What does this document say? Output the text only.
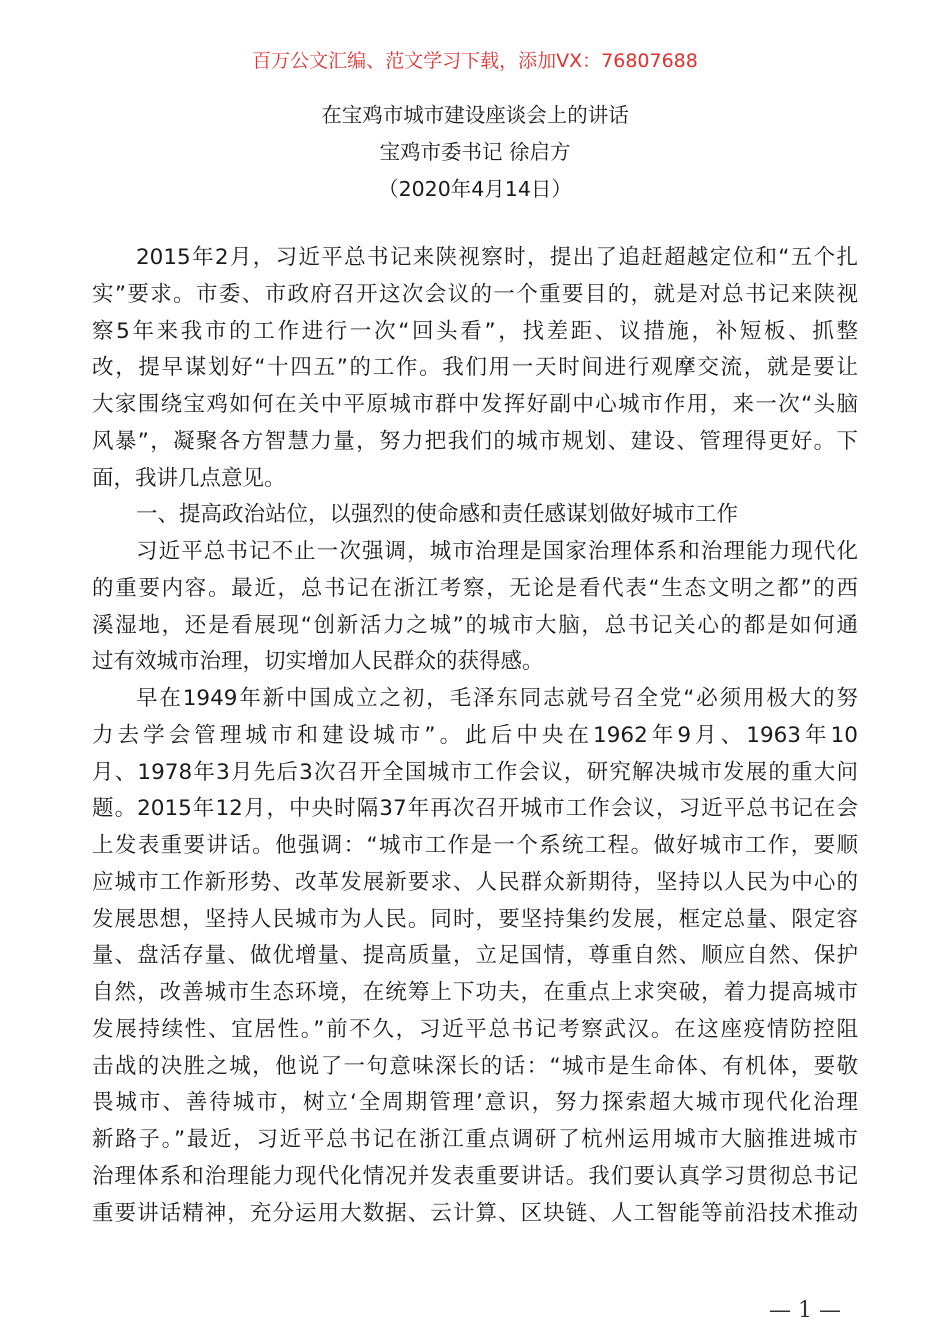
百万公文汇编、范文学习下载，添加VX：76807688
在宝鸡市城市建设座谈会上的讲话
宝鸡市委书记 徐启方
（2020年4月14日）
2015年2月，习近平总书记来陕视察时，提出了追赶超越定位和“五个扎
实”要求。市委、市政府召开这次会议的一个重要目的，就是对总书记来陕视
察5年来我市的工作进行一次“回头看”，找差距、议措施，补短板、抓整
改，提早谋划好“十四五”的工作。我们用一天时间进行观摩交流，就是要让
大家围绕宝鸡如何在关中平原城市群中发挥好副中心城市作用，来一次“头脑
风暴”，凝聚各方智慧力量，努力把我们的城市规划、建设、管理得更好。下
面，我讲几点意见。
一、提高政治站位，以强烈的使命感和责任感谋划做好城市工作
习近平总书记不止一次强调，城市治理是国家治理体系和治理能力现代化
的重要内容。最近，总书记在浙江考察，无论是看代表“生态文明之都”的西
溪湿地，还是看展现“创新活力之城”的城市大脑，总书记关心的都是如何通
过有效城市治理，切实增加人民群众的获得感。
早在1949年新中国成立之初，毛泽东同志就号召全党“必须用极大的努
力去学会管理城市和建设城市”。此后中央在1962年9月、1963年10
月、1978年3月先后3次召开全国城市工作会议，研究解决城市发展的重大问
题。2015年12月，中央时隔37年再次召开城市工作会议，习近平总书记在会
上发表重要讲话。他强调：“城市工作是一个系统工程。做好城市工作，要顺
应城市工作新形势、改革发展新要求、人民群众新期待，坚持以人民为中心的
发展思想，坚持人民城市为人民。同时，要坚持集约发展，框定总量、限定容
量、盘活存量、做优增量、提高质量，立足国情，尊重自然、顺应自然、保护
自然，改善城市生态环境，在统筹上下功夫，在重点上求突破，着力提高城市
发展持续性、宜居性。”前不久，习近平总书记考察武汉。在这座疫情防控阻
击战的决胜之城，他说了一句意味深长的话：“城市是生命体、有机体，要敬
畏城市、善待城市，树立‘全周期管理’意识，努力探索超大城市现代化治理
新路子。”最近，习近平总书记在浙江重点调研了杭州运用城市大脑推进城市
治理体系和治理能力现代化情况并发表重要讲话。我们要认真学习贯彻总书记
重要讲话精神，充分运用大数据、云计算、区块链、人工智能等前沿技术推动
— 1 —
